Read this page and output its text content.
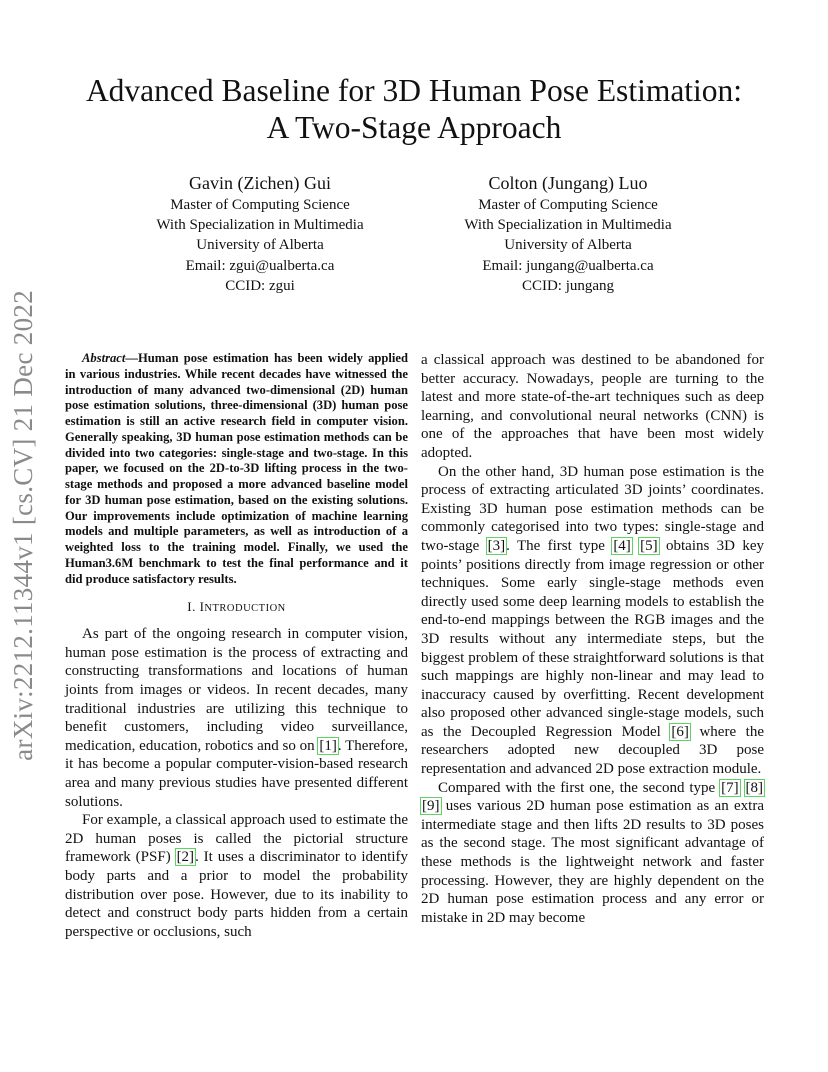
arXiv:2212.11344v1 [cs.CV] 21 Dec 2022
Advanced Baseline for 3D Human Pose Estimation:
A Two-Stage Approach
Gavin (Zichen) Gui
Master of Computing Science
With Specialization in Multimedia
University of Alberta
Email: zgui@ualberta.ca
CCID: zgui
Colton (Jungang) Luo
Master of Computing Science
With Specialization in Multimedia
University of Alberta
Email: jungang@ualberta.ca
CCID: jungang

Abstract—Human pose estimation has been widely applied in various industries. While recent decades have witnessed the introduction of many advanced two-dimensional (2D) human pose estimation solutions, three-dimensional (3D) human pose estimation is still an active research field in computer vision. Generally speaking, 3D human pose estimation methods can be divided into two categories: single-stage and two-stage. In this paper, we focused on the 2D-to-3D lifting process in the two-stage methods and proposed a more advanced baseline model for 3D human pose estimation, based on the existing solutions. Our improvements include optimization of machine learning models and multiple parameters, as well as introduction of a weighted loss to the training model. Finally, we used the Human3.6M benchmark to test the final performance and it did produce satisfactory results.

I. INTRODUCTION

As part of the ongoing research in computer vision, human pose estimation is the process of extracting and constructing transformations and locations of human joints from images or videos. In recent decades, many traditional industries are utilizing this technique to benefit customers, including video surveillance, medication, education, robotics and so on [1]. Therefore, it has become a popular computer-vision-based research area and many previous studies have presented different solutions.

For example, a classical approach used to estimate the 2D human poses is called the pictorial structure framework (PSF) [2]. It uses a discriminator to identify body parts and a prior to model the probability distribution over pose. However, due to its inability to detect and construct body parts hidden from a certain perspective or occlusions, such

a classical approach was destined to be abandoned for better accuracy. Nowadays, people are turning to the latest and more state-of-the-art techniques such as deep learning, and convolutional neural networks (CNN) is one of the approaches that have been most widely adopted.

On the other hand, 3D human pose estimation is the process of extracting articulated 3D joints’ coordinates. Existing 3D human pose estimation methods can be commonly categorised into two types: single-stage and two-stage [3]. The first type [4] [5] obtains 3D key points’ positions directly from image regression or other techniques. Some early single-stage methods even directly used some deep learning models to establish the end-to-end mappings between the RGB images and the 3D results without any intermediate steps, but the biggest problem of these straightforward solutions is that such mappings are highly non-linear and may lead to inaccuracy caused by overfitting. Recent development also proposed other advanced single-stage models, such as the Decoupled Regression Model [6] where the researchers adopted new decoupled 3D pose representation and advanced 2D pose extraction module.

Compared with the first one, the second type [7] [8] [9] uses various 2D human pose estimation as an extra intermediate stage and then lifts 2D results to 3D poses as the second stage. The most significant advantage of these methods is the lightweight network and faster processing. However, they are highly dependent on the 2D human pose estimation process and any error or mistake in 2D may become
